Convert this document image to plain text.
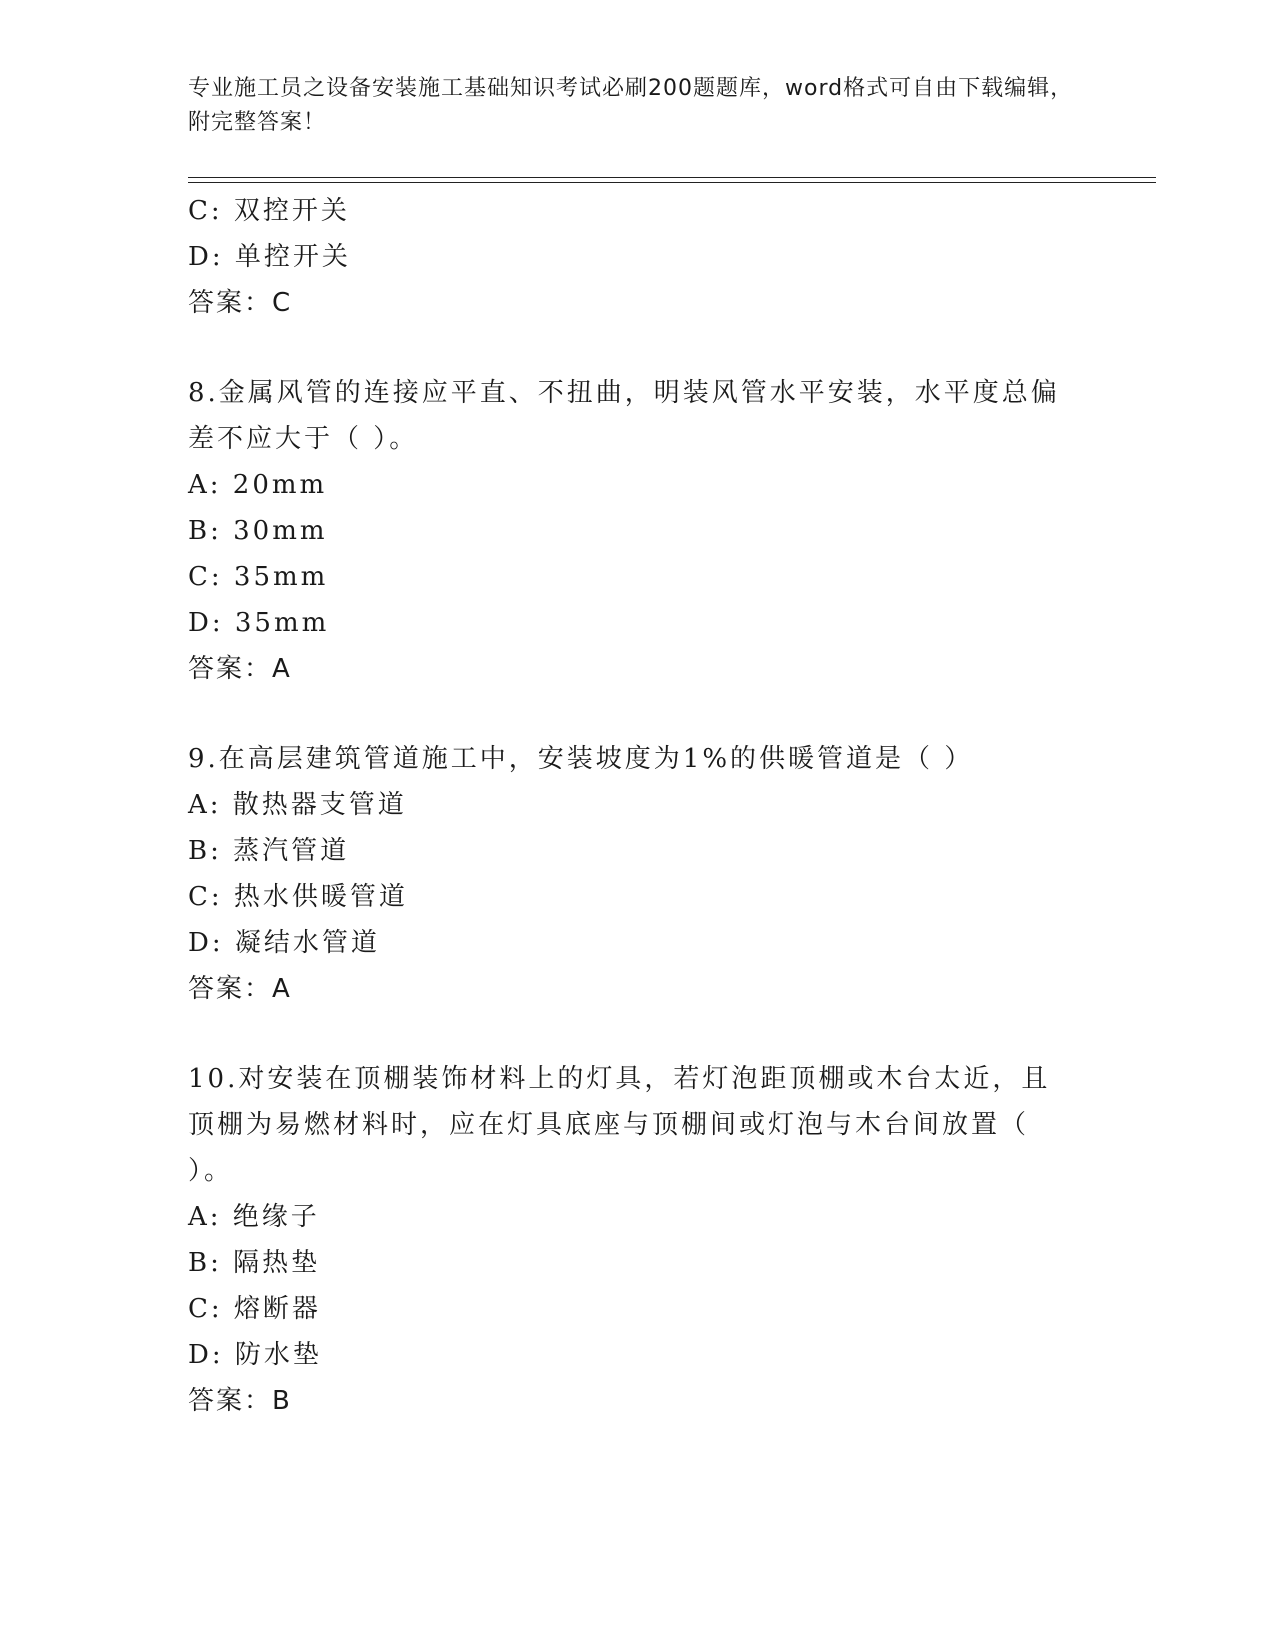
专业施工员之设备安装施工基础知识考试必刷200题题库，word格式可自由下载编辑，附完整答案！
C: 双控开关
D: 单控开关
答案：C
8.金属风管的连接应平直、不扭曲，明装风管水平安装，水平度总偏差不应大于（ ）。
A: 20mm
B: 30mm
C: 35mm
D: 35mm
答案：A
9.在高层建筑管道施工中，安装坡度为1%的供暖管道是（ ）
A: 散热器支管道
B: 蒸汽管道
C: 热水供暖管道
D: 凝结水管道
答案：A
10.对安装在顶棚装饰材料上的灯具，若灯泡距顶棚或木台太近，且顶棚为易燃材料时，应在灯具底座与顶棚间或灯泡与木台间放置（ ）。
A: 绝缘子
B: 隔热垫
C: 熔断器
D: 防水垫
答案：B
